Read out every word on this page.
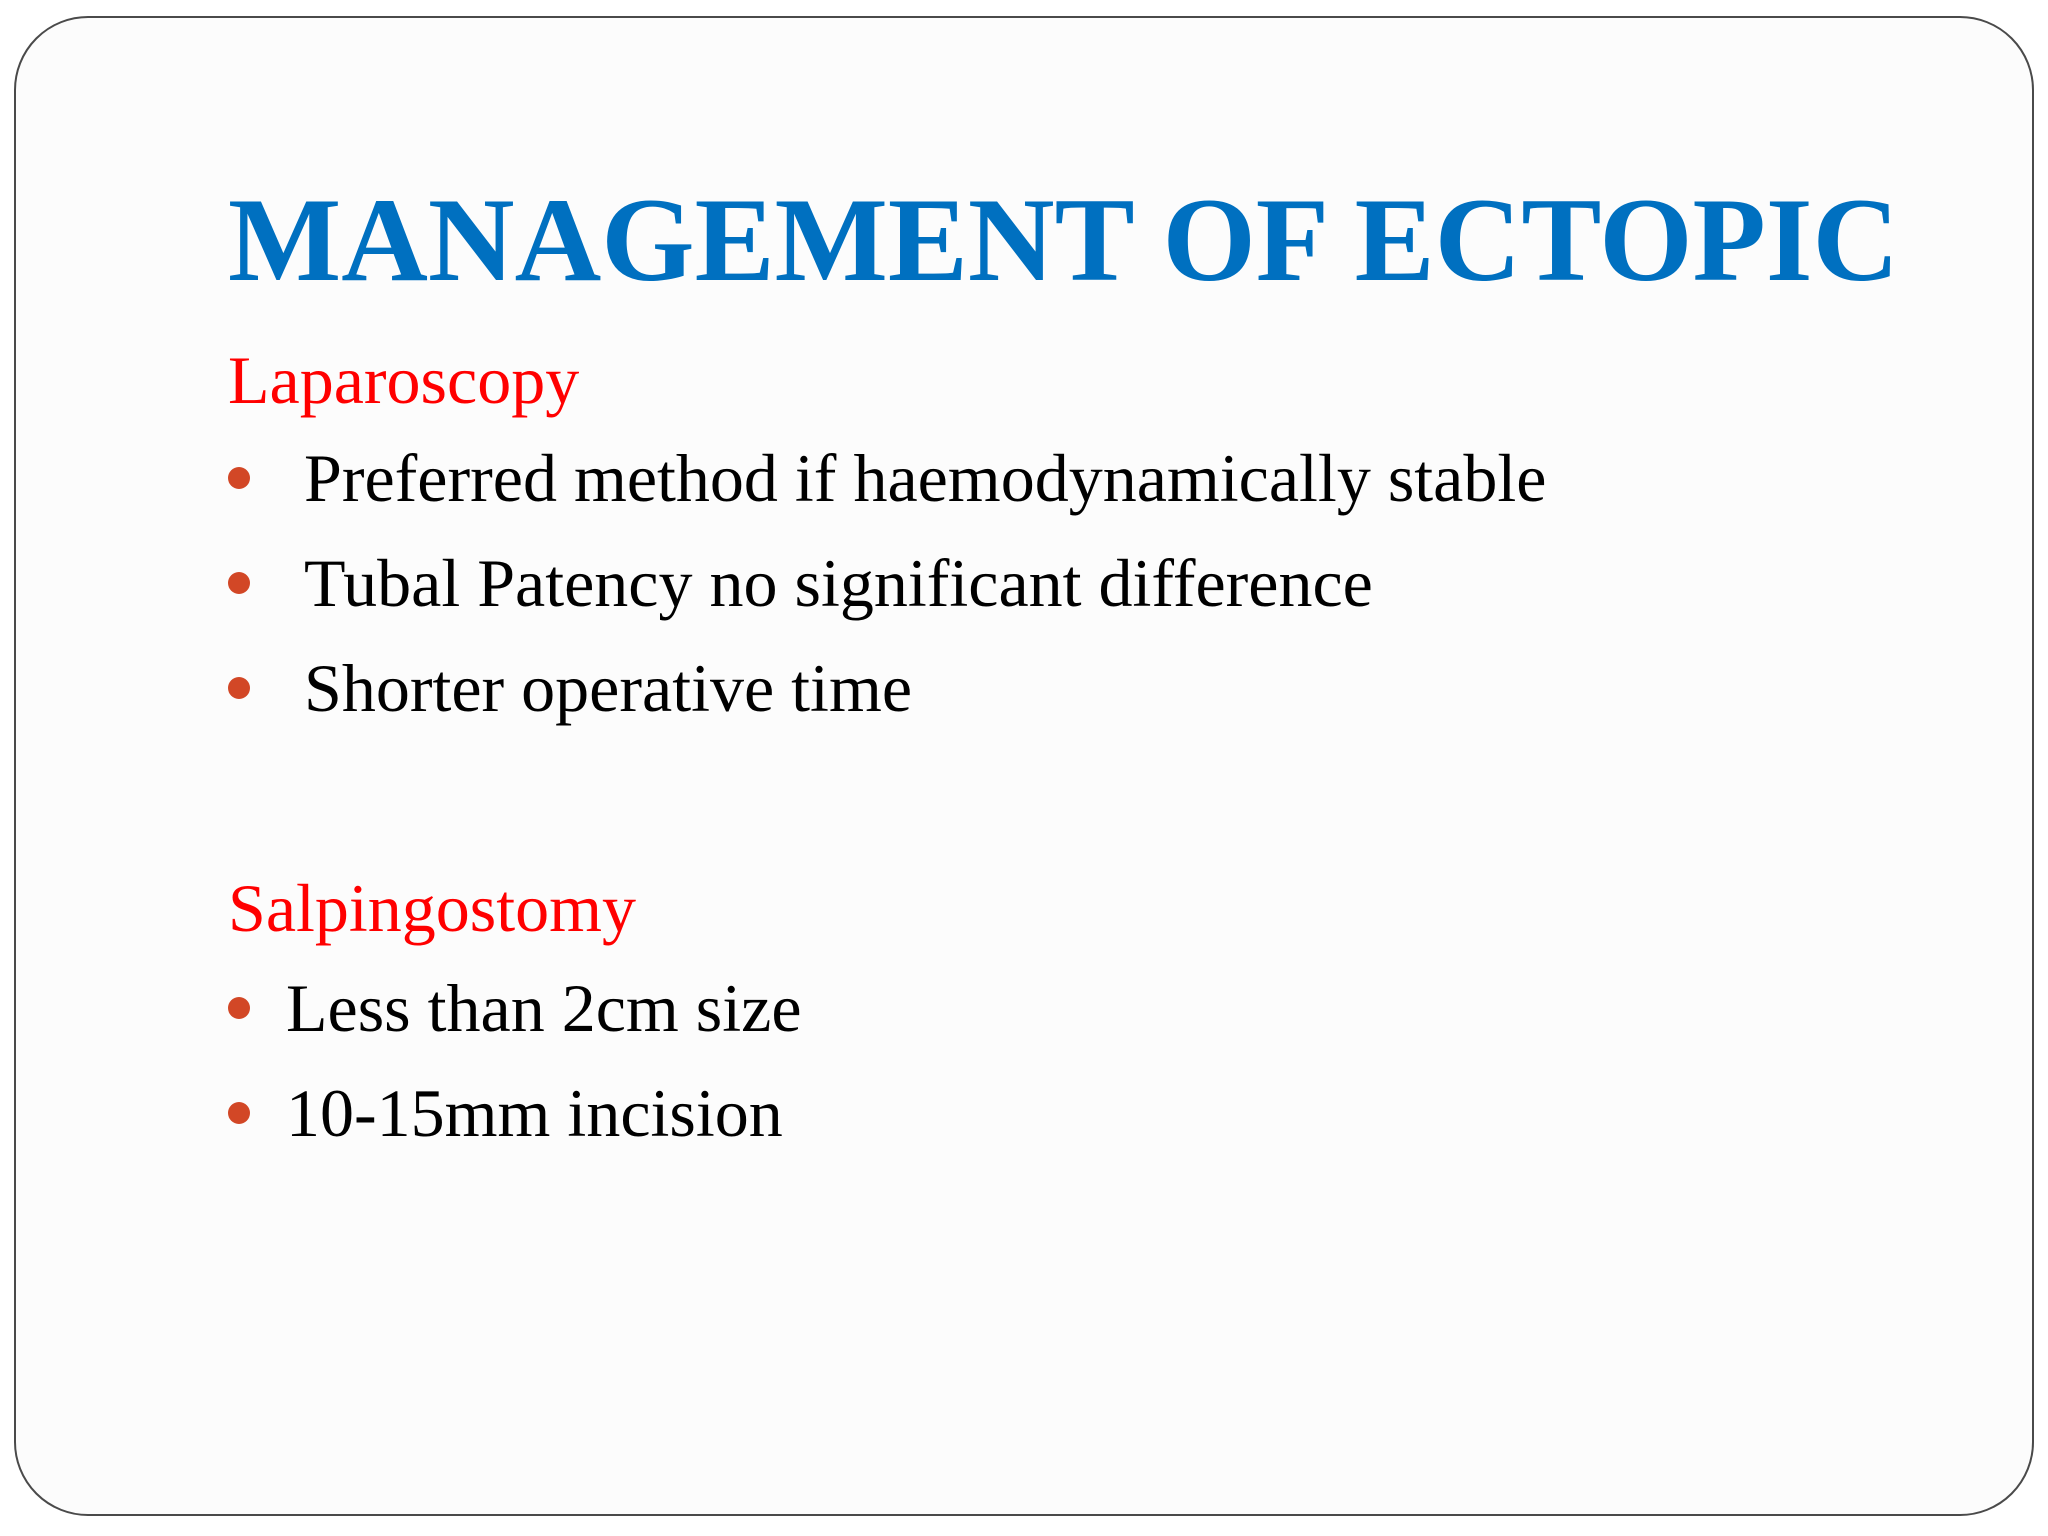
MANAGEMENT OF ECTOPIC
Laparoscopy
Preferred method if haemodynamically stable
Tubal Patency no significant difference
Shorter operative time
Salpingostomy
Less than 2cm size
10-15mm incision
